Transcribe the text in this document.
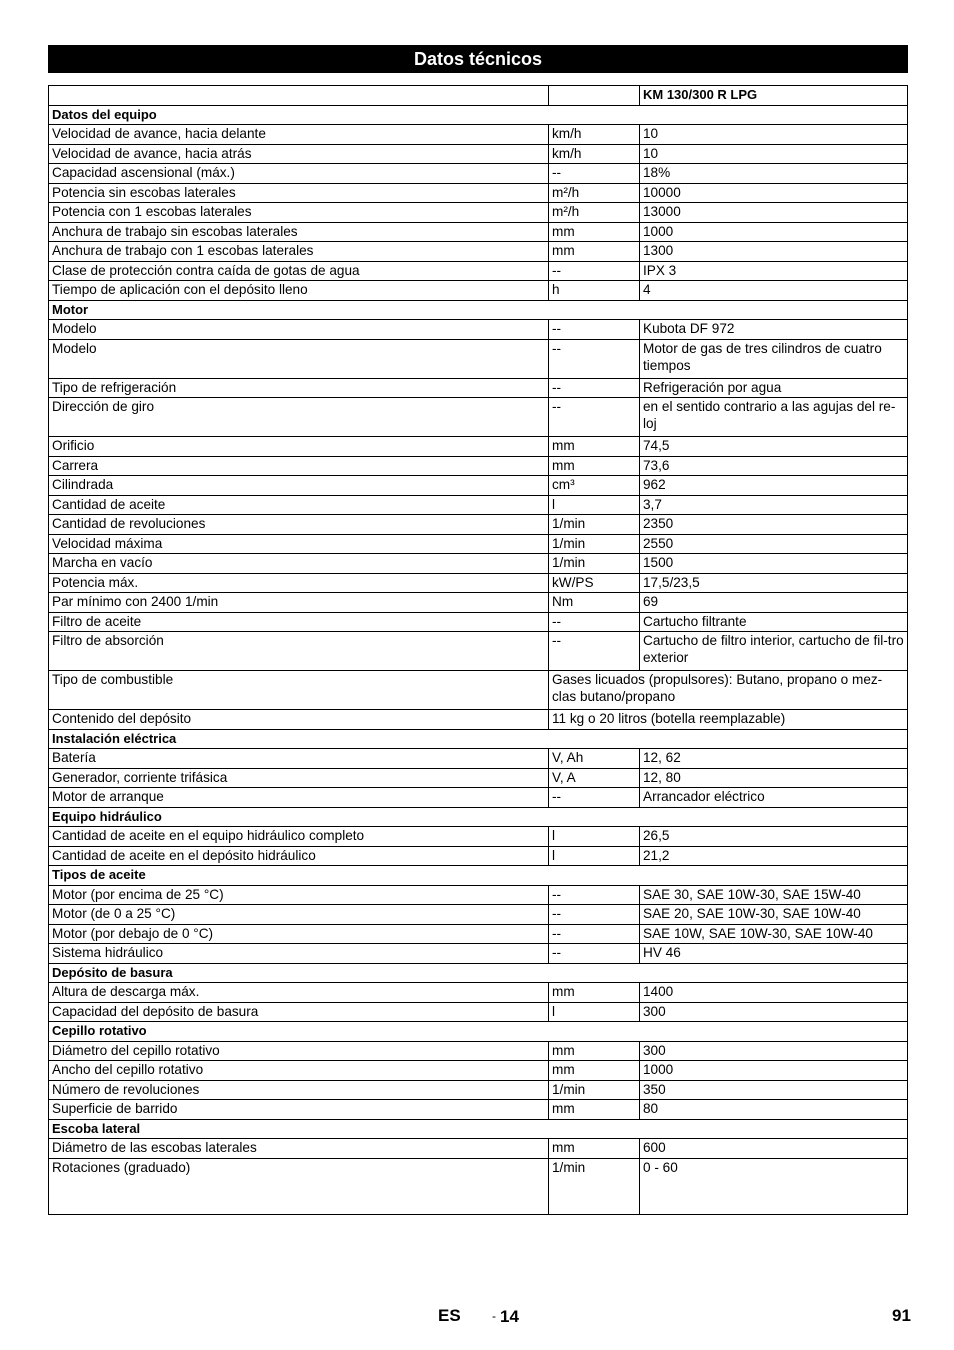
Datos técnicos
		KM 130/300 R LPG
Datos del equipo		
Velocidad de avance, hacia delante	km/h	10
Velocidad de avance, hacia atrás	km/h	10
Capacidad ascensional (máx.)	--	18%
Potencia sin escobas laterales	m²/h	10000
Potencia con 1 escobas laterales	m²/h	13000
Anchura de trabajo sin escobas laterales	mm	1000
Anchura de trabajo con 1 escobas laterales	mm	1300
Clase de protección contra caída de gotas de agua	--	IPX 3
Tiempo de aplicación con el depósito lleno	h	4
Motor		
Modelo	--	Kubota DF 972
Modelo	--	Motor de gas de tres cilindros de cuatro tiempos
Tipo de refrigeración	--	Refrigeración por agua
Dirección de giro	--	en el sentido contrario a las agujas del re-loj
Orificio	mm	74,5
Carrera	mm	73,6
Cilindrada	cm³	962
Cantidad de aceite	l	3,7
Cantidad de revoluciones	1/min	2350
Velocidad máxima	1/min	2550
Marcha en vacío	1/min	1500
Potencia máx.	kW/PS	17,5/23,5
Par mínimo con 2400 1/min	Nm	69
Filtro de aceite	--	Cartucho filtrante
Filtro de absorción	--	Cartucho de filtro interior, cartucho de fil-tro exterior
Tipo de combustible	Gases licuados (propulsores): Butano, propano o mez-clas butano/propano	
Contenido del depósito	11 kg o 20 litros (botella reemplazable)	
Instalación eléctrica		
Batería	V, Ah	12, 62
Generador, corriente trifásica	V, A	12, 80
Motor de arranque	--	Arrancador eléctrico
Equipo hidráulico		
Cantidad de aceite en el equipo hidráulico completo	l	26,5
Cantidad de aceite en el depósito hidráulico	l	21,2
Tipos de aceite		
Motor (por encima de 25 °C)	--	SAE 30, SAE 10W-30, SAE 15W-40
Motor (de 0 a 25 °C)	--	SAE 20, SAE 10W-30, SAE 10W-40
Motor (por debajo de 0 °C)	--	SAE 10W, SAE 10W-30, SAE 10W-40
Sistema hidráulico	--	HV 46
Depósito de basura		
Altura de descarga máx.	mm	1400
Capacidad del depósito de basura	l	300
Cepillo rotativo		
Diámetro del cepillo rotativo	mm	300
Ancho del cepillo rotativo	mm	1000
Número de revoluciones	1/min	350
Superficie de barrido	mm	80
Escoba lateral		
Diámetro de las escobas laterales	mm	600
Rotaciones (graduado)	1/min	0 - 60
ES	- 14	91
